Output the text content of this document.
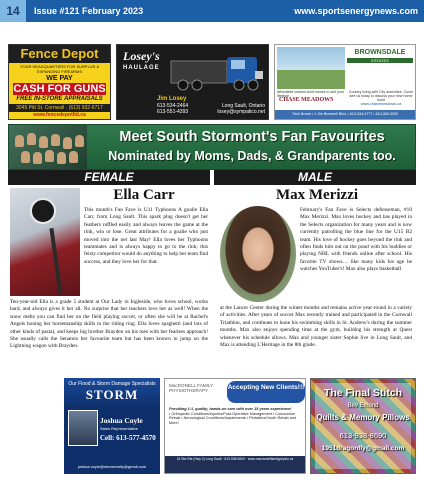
14	Issue #121 February 2023	www.sportsenergynews.com
Fence Depot
YOUR HEADQUARTERS FOR SURPLUS & EXPANDING FIREARMS
WE PAY
CASH FOR GUNS
FREE IN-STORE APPRAISALS
3045 Pitt St. Cornwall · (613) 932-6717
www.fencedepotltd.ca
Losey's
HAULAGE
Jim Losey
613-534-2464
613-551-4393
Long Sault, Ontario
losey@sympatico.net
BROWNSDALE
ESTATES
Affordable custom-built homes to suit your lifestyle
CHASE MEADOWS
Country living with City amenities. Come see us today to discuss your new home build
www.chasemeadows.ca
Trish Brown • 1 Jim Brownell Blvd. • 613-534-4777 • 613-363-3030
Meet South Stormont's Fan Favourites
Nominated by Moms, Dads, & Grandparents too.
FEMALE	MALE
Ella Carr
This month's Fan Fave is U11 Typhoons A goalie Ella Carr, from Long Sault. This spark plug doesn't get her feathers ruffled easily and always leaves the game at the rink, win or lose. Great attributes for a goalie who just moved into the net last May! Ella loves her Typhoons teammates and is always happy to go to the rink; this feisty competitor would do anything to help her team find success, and they love her for that.
Ten-year-old Ella is a grade 5 student at Our Lady in Ingleside, who loves school, works hard, and always gives it her all. No surprise that her teachers love her as well! When the snow melts you can find her on the field playing soccer, or often she will be at Rachel's Angels honing her horsemanship skills in the riding ring. Ella loves spaghetti (and lots of other kinds of pasta), and keeps big brother Brayden on his toes with her fearless approach! She usually calls the Senators her favourite team but has been known to jump on the Lightning wagon with Brayden.
Max Merizzi
February's Fan Fave is Selects defenseman, #10 Max Merizzi. Max loves hockey and has played in the Selects organization for many years and is now currently patrolling the blue line for the U15 B2 team. His love of hockey goes beyond the rink and often finds him out on the pond with his buddies or playing NHL with friends online after school. His favorite TV shows… like many kids his age he watches YouTuber's! Max also plays basketball
at the Lancer Center during the winter months and remains active year-round in a variety of activities. After years of soccer Max recently trained and participated in the Cornwall Triathlon, and continues to hone his swimming skills in St. Andrew's during the summer months. Max also enjoys spending time at the gym, building his strength at Quest whenever his schedule allows. Max and younger sister Sophie live in Long Sault, and Max is attending L'Heritage in the 8th grade.
Our Flood & Storm Damage Specialists
STORM
Joshua Coyle
Sales Representative
Cell: 613-577-4570
joshua.coyle@stormrealty@gmail.com
MacDONELL FAMILY PHYSIOTHERAPY	Accepting New Clients!!!
Providing 1:1, quality, hands-on care with over 15 years experience!
• Orthopedic Conditions/Injuries/Post-Operative Management • Concussion Rehab • Neurological Conditions/Impairments • Pediatrics/Youth Rehab and More!
16 Ste-Rte (Hwy 2) Long Sault · 613-938-5600 · www.macdonellfamilyphysio.ca
The Final Stitch
Bev Emond
Quilts & Memory Pillows
613-938-8690
1951dragonfly@gmail.com
